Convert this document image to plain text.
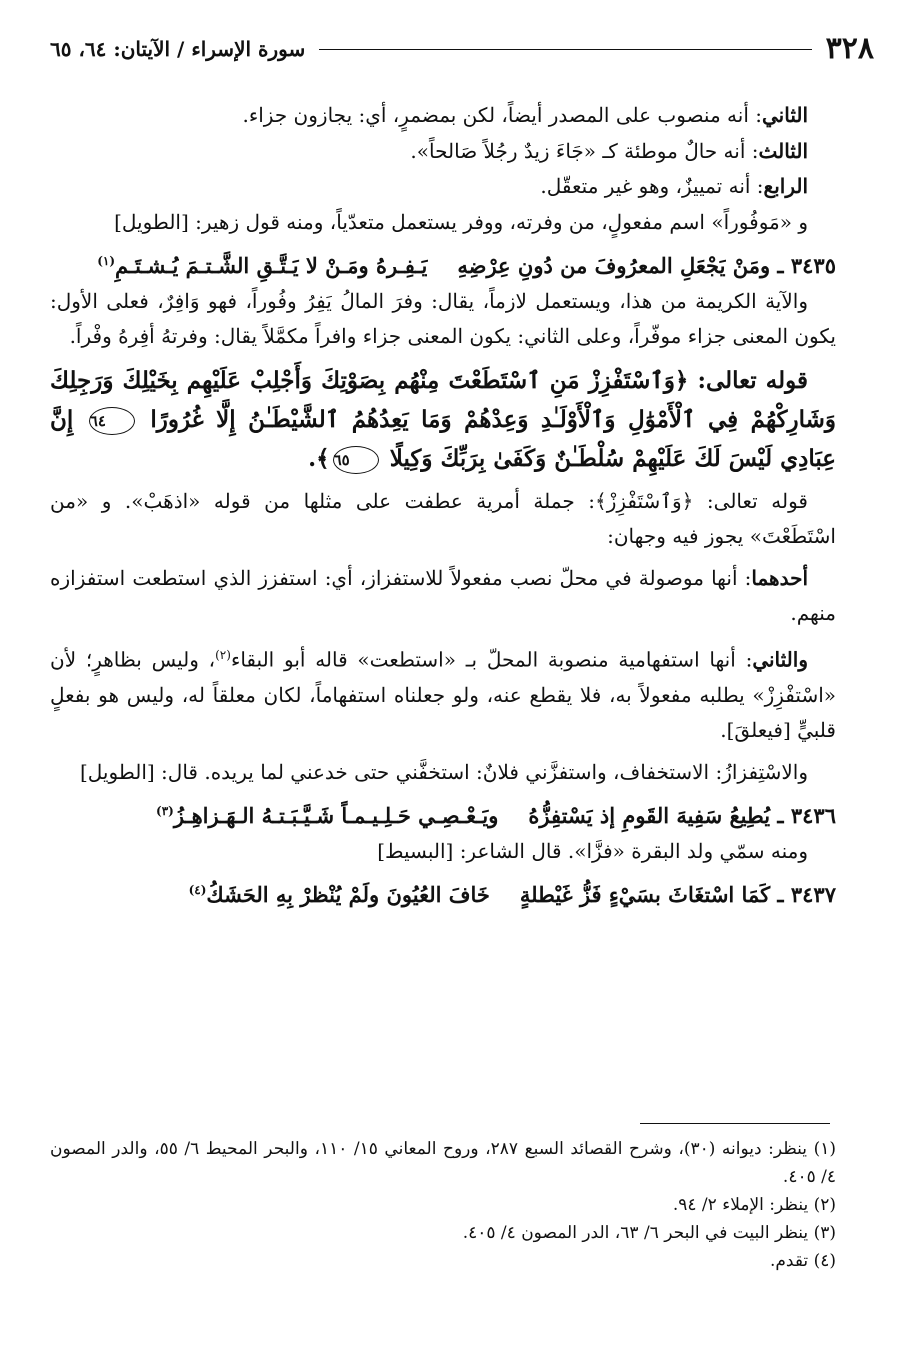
٣٢٨
سورة الإسراء / الآيتان: ٦٤، ٦٥

الثاني: أنه منصوب على المصدر أيضاً، لكن بمضمرٍ، أي: يجازون جزاء.

الثالث: أنه حالٌ موطئة كـ «جَاءَ زيدٌ رجُلاً صَالحاً».

الرابع: أنه تمييزٌ، وهو غير متعقّل.

و «مَوفُوراً» اسم مفعولٍ، من وفرته، ووفر يستعمل متعدّياً، ومنه قول زهير: [الطويل]

٣٤٣٥ ـ ومَنْ يَجْعَلِ المعرُوفَ من دُونِ عِرْضِهِيَـفِـرهُ ومَـنْ لا يَـتَّـقِ الشَّـتـمَ يُـشـتَـمِ$^{(١)}$

والآية الكريمة من هذا، ويستعمل لازماً، يقال: وفرَ المالُ يَفِرُ وفُوراً، فهو وَافِرٌ، فعلى الأول: يكون المعنى جزاء موفّراً، وعلى الثاني: يكون المعنى جزاء وافراً مكمَّلاً يقال: وفرتهُ أفِرهُ وفْراً.

قوله تعالى: ﴿وَٱسْتَفْزِزْ مَنِ ٱسْتَطَعْتَ مِنْهُم بِصَوْتِكَ وَأَجْلِبْ عَلَيْهِم بِخَيْلِكَ وَرَجِلِكَ وَشَارِكْهُمْ فِي ٱلْأَمْوَٰلِ وَٱلْأَوْلَـٰدِ وَعِدْهُمْ وَمَا يَعِدُهُمُ ٱلشَّيْطَـٰنُ إِلَّا غُرُورًا ٦٤ إِنَّ عِبَادِي لَيْسَ لَكَ عَلَيْهِمْ سُلْطَـٰنٌ وَكَفَىٰ بِرَبِّكَ وَكِيلًا ٦٥﴾.

قوله تعالى: ﴿وَٱسْتَفْزِزْ﴾: جملة أمرية عطفت على مثلها من قوله «اذهَبْ». و «من اسْتَطَعْتَ» يجوز فيه وجهان:

أحدهما: أنها موصولة في محلّ نصب مفعولاً للاستفزاز، أي: استفزز الذي استطعت استفزازه منهم.

والثاني: أنها استفهامية منصوبة المحلّ بـ «استطعت» قاله أبو البقاء$^{(٢)}$، وليس بظاهرٍ؛ لأن «اسْتفْزِزْ» يطلبه مفعولاً به، فلا يقطع عنه، ولو جعلناه استفهاماً، لكان معلقاً له، وليس هو بفعلٍ قلبيٍّ [فيعلقَ].

والاسْتِفزازُ: الاستخفاف، واستفزَّني فلانٌ: استخفَّني حتى خدعني لما يريده. قال: [الطويل]

٣٤٣٦ ـ يُطِيعُ سَفِيهَ القَومِ إذ يَسْتفِزُّهُويَـعْـصِـي حَـلِـيـمـاً شَـيَّـبَـتـهُ الـهَـزاهِـزُ$^{(٣)}$

ومنه سمّي ولد البقرة «فزَّا». قال الشاعر: [البسيط]

٣٤٣٧ ـ كَمَا اسْتغَاثَ بسَيْءٍ فَزُّ غَيْطلةٍخَافَ العُيُونَ ولَمْ يُنْظرْ بِهِ الحَشَكُ$^{(٤)}$

(١) ينظر: ديوانه (٣٠)، وشرح القصائد السبع ٢٨٧، وروح المعاني ١٥/ ١١٠، والبحر المحيط ٦/ ٥٥، والدر المصون ٤/ ٤٠٥.

(٢) ينظر: الإملاء ٢/ ٩٤.

(٣) ينظر البيت في البحر ٦/ ٦٣، الدر المصون ٤/ ٤٠٥.

(٤) تقدم.
